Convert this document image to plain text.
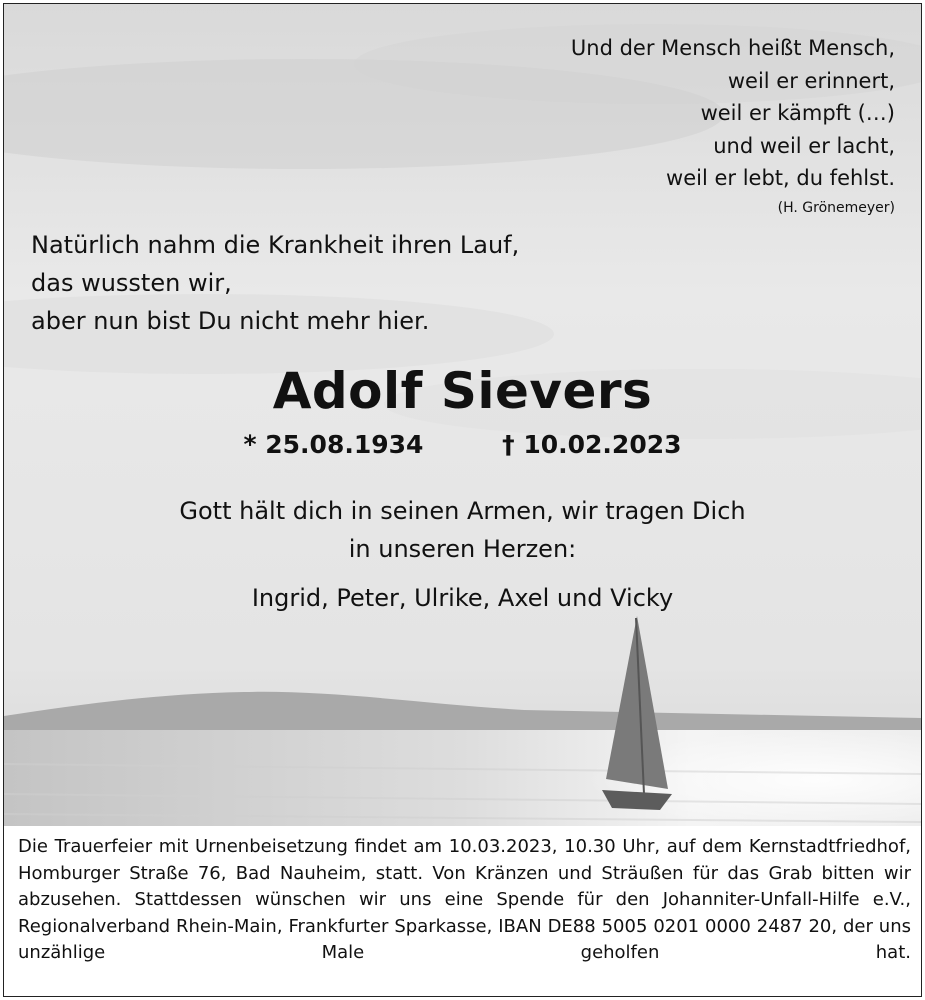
Und der Mensch heißt Mensch,
weil er erinnert,
weil er kämpft (…)
und weil er lacht,
weil er lebt, du fehlst.
(H. Grönemeyer)
Natürlich nahm die Krankheit ihren Lauf,
das wussten wir,
aber nun bist Du nicht mehr hier.
Adolf Sievers
* 25.08.1934	† 10.02.2023
Gott hält dich in seinen Armen, wir tragen Dich
in unseren Herzen:
Ingrid, Peter, Ulrike, Axel und Vicky

Die Trauerfeier mit Urnenbeisetzung findet am 10.03.2023, 10.30 Uhr, auf dem Kernstadtfriedhof, Homburger Straße 76, Bad Nauheim, statt. Von Kränzen und Sträußen für das Grab bitten wir abzusehen. Stattdessen wünschen wir uns eine Spende für den Johanniter-Unfall-Hilfe e.V., Regionalverband Rhein-Main, Frankfurter Sparkasse, IBAN DE88 5005 0201 0000 2487 20, der uns unzählige Male geholfen hat.
